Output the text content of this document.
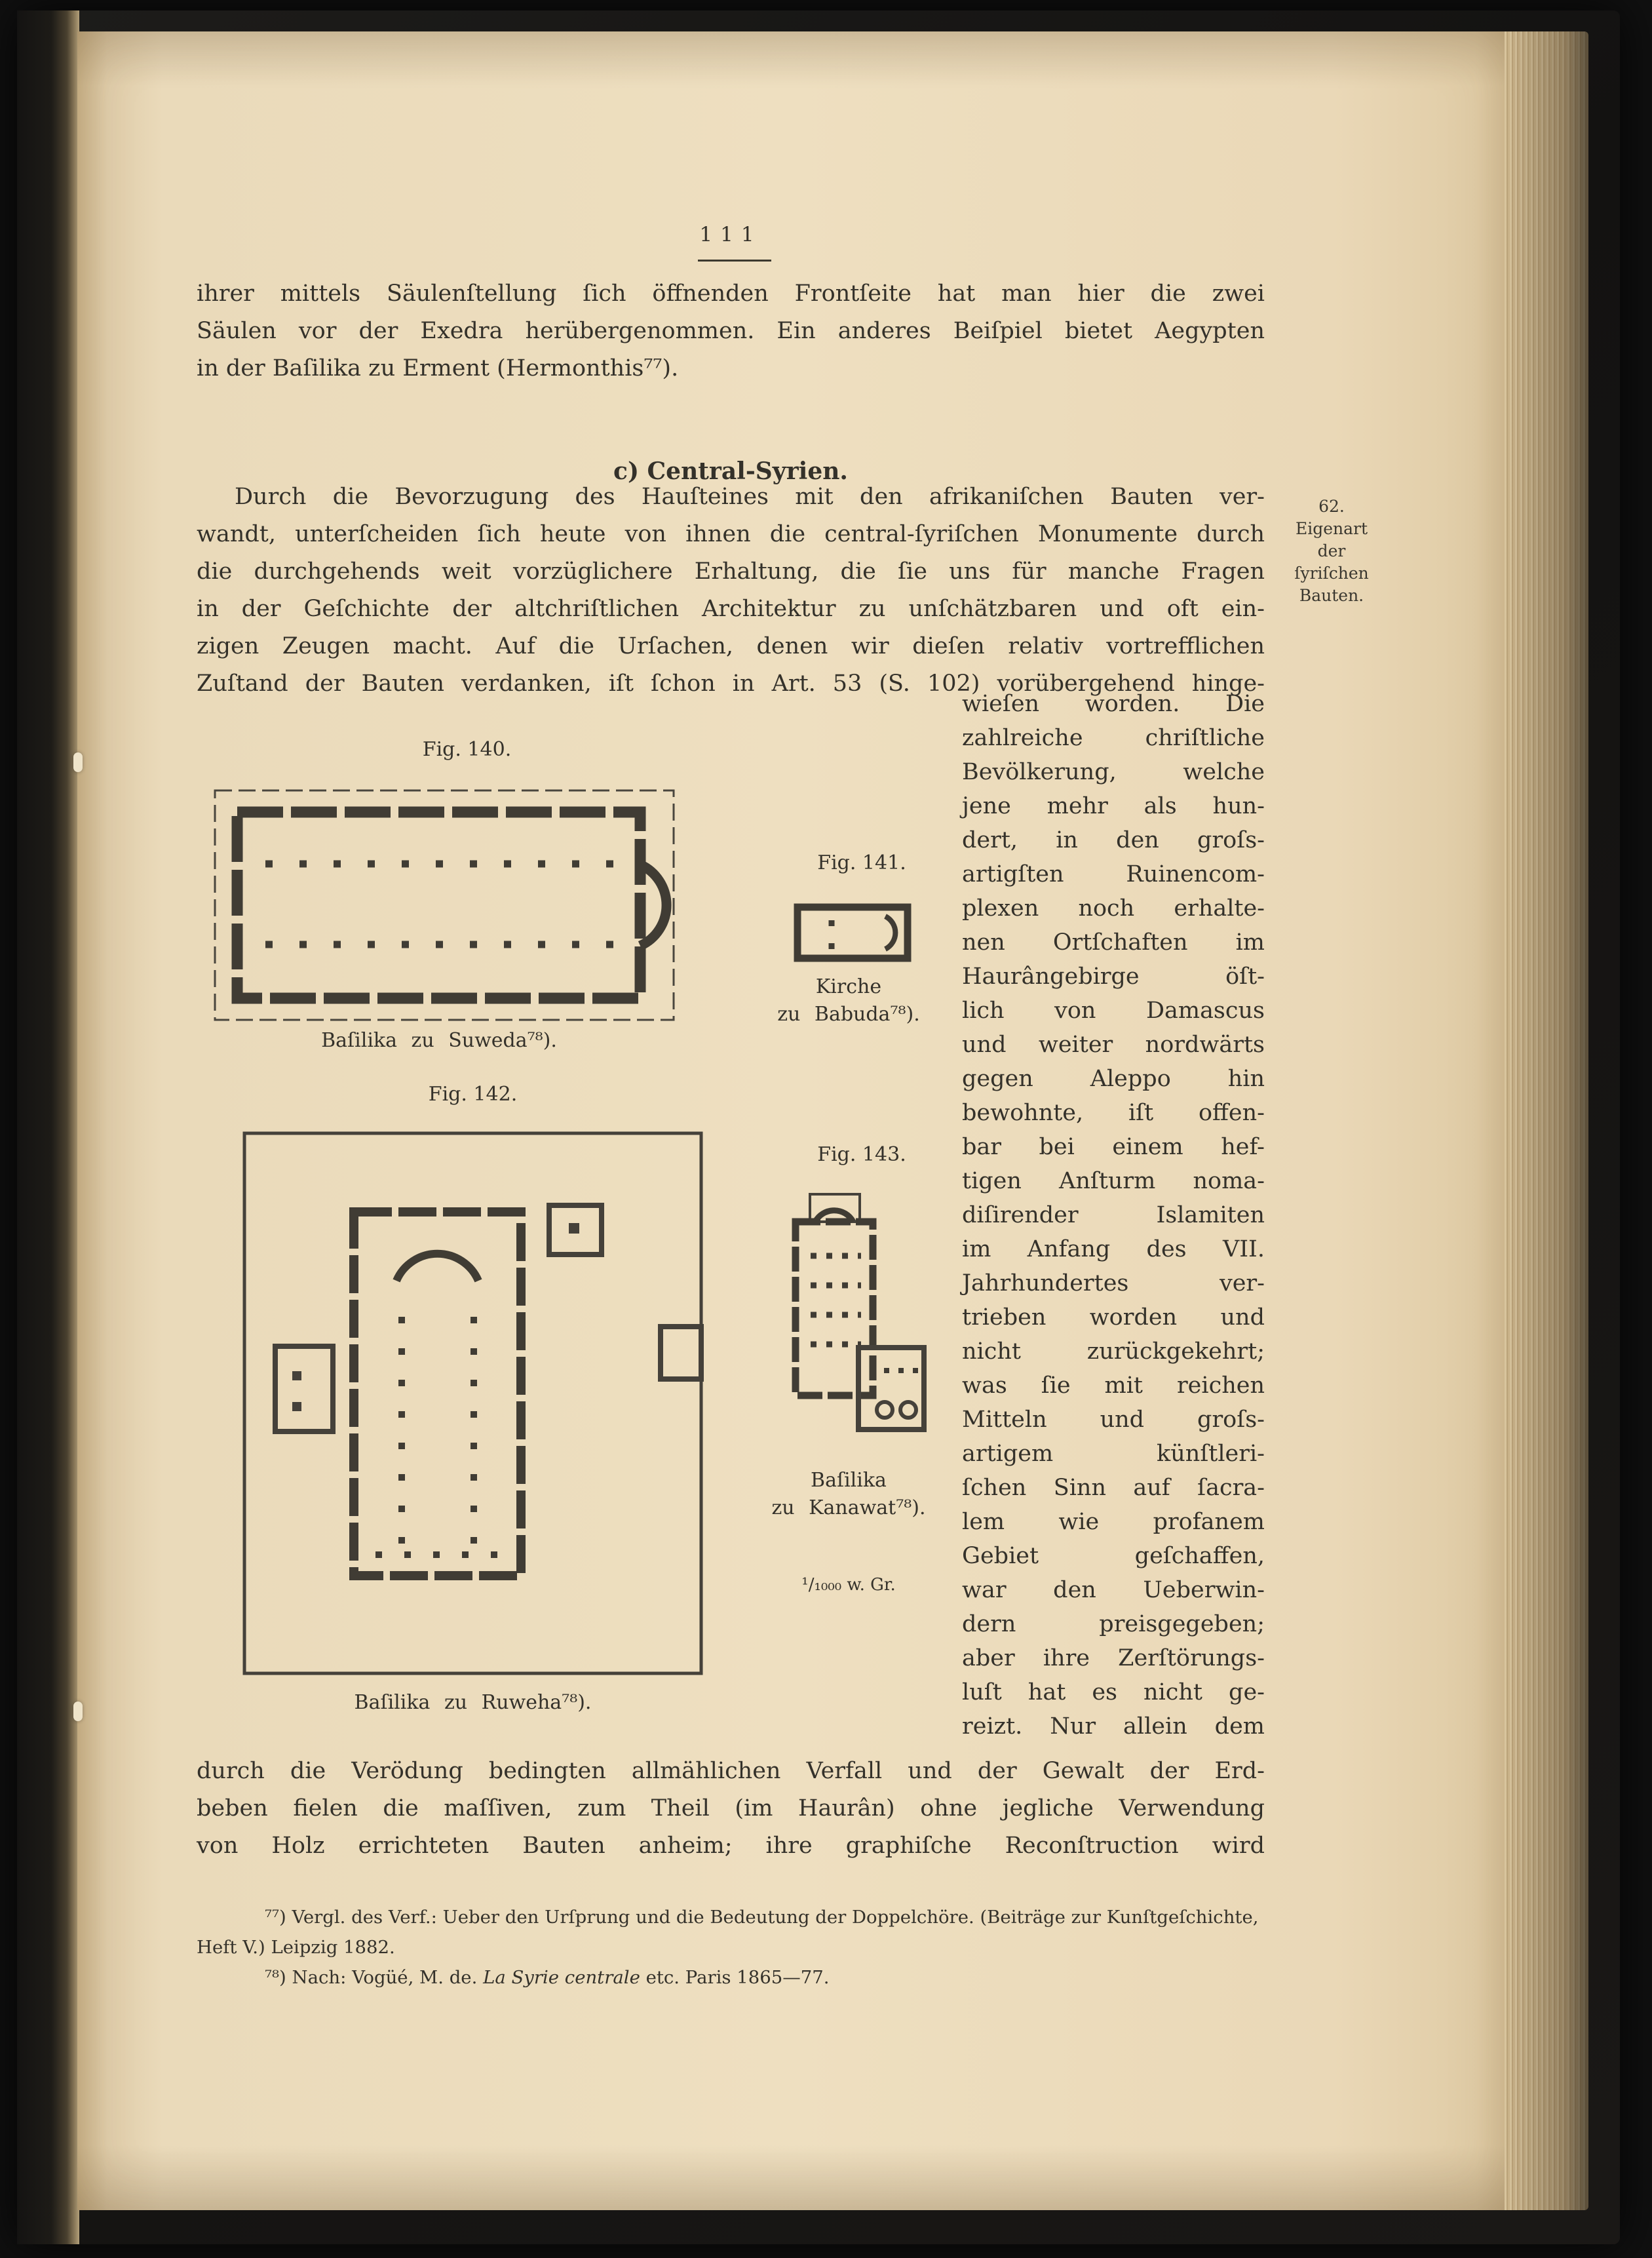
111
ihrer mittels Säulenſtellung ſich öffnenden Frontſeite hat man hier die zwei
Säulen vor der Exedra herübergenommen. Ein anderes Beiſpiel bietet Aegypten
in der Baſilika zu Erment (Hermonthis⁷⁷).
c) Central-Syrien.
Durch die Bevorzugung des Hauſteines mit den afrikaniſchen Bauten ver-
wandt, unterſcheiden ſich heute von ihnen die central-ſyriſchen Monumente durch
die durchgehends weit vorzüglichere Erhaltung, die ſie uns für manche Fragen
in der Geſchichte der altchriſtlichen Architektur zu unſchätzbaren und oft ein-
zigen Zeugen macht. Auf die Urſachen, denen wir dieſen relativ vortrefflichen
Zuſtand der Bauten verdanken, iſt ſchon in Art. 53 (S. 102) vorübergehend hinge-
wieſen worden. Die
zahlreiche chriſtliche
Bevölkerung, welche
jene mehr als hun-
dert, in den groſs-
artigſten Ruinencom-
plexen noch erhalte-
nen Ortſchaften im
Haurângebirge öſt-
lich von Damascus
und weiter nordwärts
gegen Aleppo hin
bewohnte, iſt offen-
bar bei einem hef-
tigen Anſturm noma-
diſirender Islamiten
im Anfang des VII.
Jahrhundertes ver-
trieben worden und
nicht zurückgekehrt;
was ſie mit reichen
Mitteln und groſs-
artigem künſtleri-
ſchen Sinn auf ſacra-
lem wie profanem
Gebiet geſchaffen,
war den Ueberwin-
dern preisgegeben;
aber ihre Zerſtörungs-
luſt hat es nicht ge-
reizt. Nur allein dem
durch die Verödung bedingten allmählichen Verfall und der Gewalt der Erd-
beben fielen die maſſiven, zum Theil (im Haurân) ohne jegliche Verwendung
von Holz errichteten Bauten anheim; ihre graphiſche Reconſtruction wird
Fig. 140.
Baſilika zu Suweda⁷⁸).
Fig. 141.
Kirche
zu Babuda⁷⁸).
Fig. 142.
Baſilika zu Ruweha⁷⁸).
Fig. 143.
Baſilika
zu Kanawat⁷⁸).
¹/₁₀₀₀ w. Gr.
⁷⁷) Vergl. des Verf.: Ueber den Urſprung und die Bedeutung der Doppelchöre. (Beiträge zur Kunſtgeſchichte,
Heft V.) Leipzig 1882.
⁷⁸) Nach: Vogüé, M. de. La Syrie centrale etc. Paris 1865—77.
62.
Eigenart
der
ſyriſchen
Bauten.
